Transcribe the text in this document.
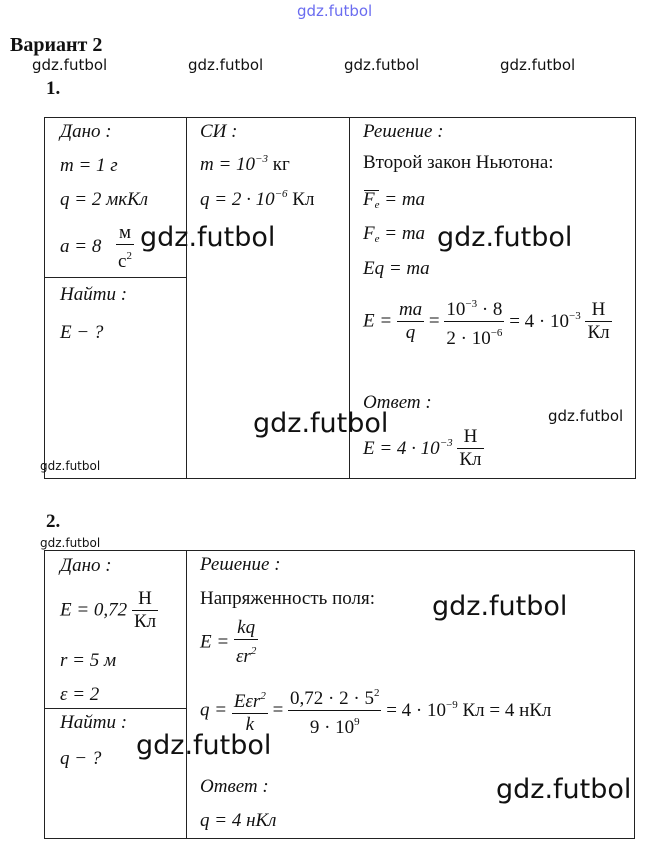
gdz.futbol
Вариант 2
gdz.futbol	gdz.futbol	gdz.futbol	gdz.futbol
1.
Дано :
m = 1 г
q = 2 мкКл
$a = 8 \frac{м}{с^2}$
Найти :
E − ?
СИ :
$m = 10^{-3}$ кг
$q = 2 \cdot 10^{-6}$ Кл
Решение :
Второй закон Ньютона:
$F_e$ = ma
$F_e$ = ma
Eq = ma
$E = \frac{ma}{q} = \frac{10^{-3} \cdot 8}{2 \cdot 10^{-6}} = 4 \cdot 10^{-3} \frac{Н}{Кл}$
Ответ :
$E = 4 \cdot 10^{-3} \frac{Н}{Кл}$
gdz.futbol	gdz.futbol
gdz.futbol	gdz.futbol
gdz.futbol
2.
gdz.futbol
Дано :
$E = 0,72 \frac{Н}{Кл}$
r = 5 м
ε = 2
Найти :
q − ?
Решение :
Напряженность поля:
$E = \frac{kq}{\varepsilon r^2}$
$q = \frac{E\varepsilon r^2}{k} = \frac{0,72 \cdot 2 \cdot 5^2}{9 \cdot 10^9} = 4 \cdot 10^{-9}$ Кл = 4 нКл
Ответ :
q = 4 нКл
gdz.futbol
gdz.futbol
gdz.futbol
